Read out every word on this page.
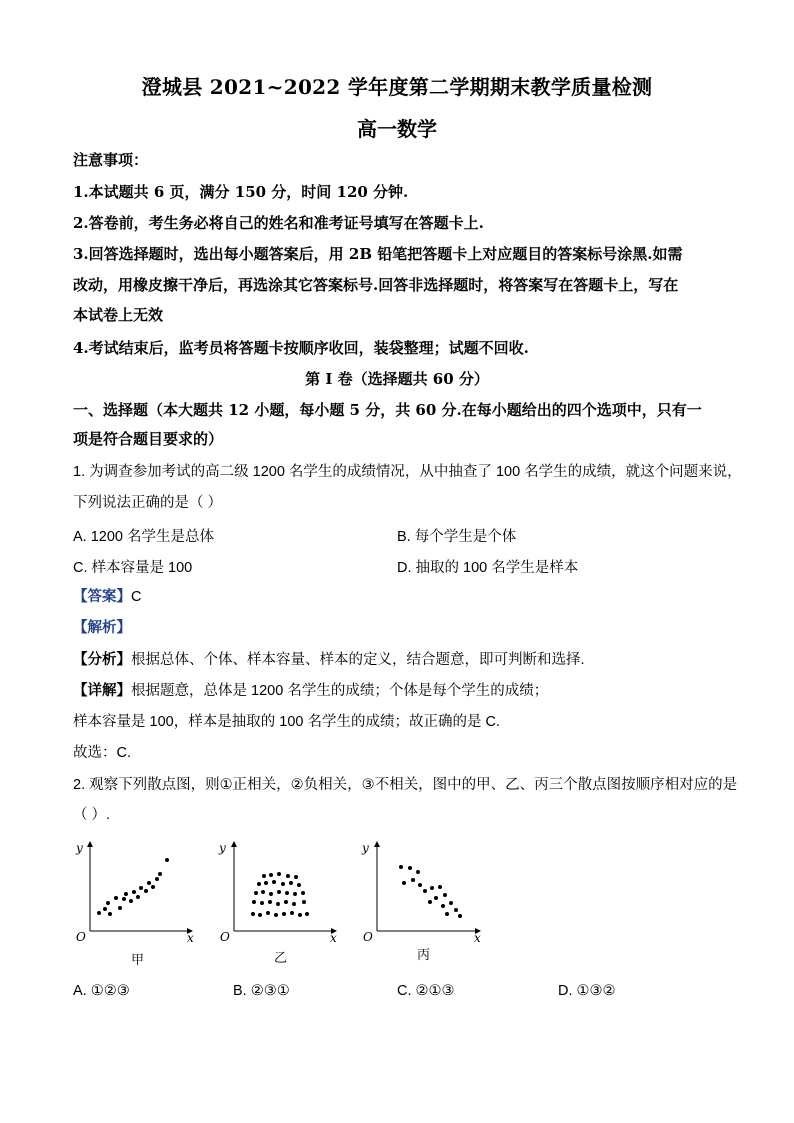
澄城县 2021~2022 学年度第二学期期末教学质量检测
高一数学
注意事项：
1.本试题共 6 页，满分 150 分，时间 120 分钟.
2.答卷前，考生务必将自己的姓名和准考证号填写在答题卡上.
3.回答选择题时，选出每小题答案后，用 2B 铅笔把答题卡上对应题目的答案标号涂黑.如需
改动，用橡皮擦干净后，再选涂其它答案标号.回答非选择题时，将答案写在答题卡上，写在
本试卷上无效
4.考试结束后，监考员将答题卡按顺序收回，装袋整理；试题不回收.
第 I 卷（选择题共 60 分）
一、选择题（本大题共 12 小题，每小题 5 分，共 60 分.在每小题给出的四个选项中，只有一
项是符合题目要求的）
1. 为调查参加考试的高二级 1200 名学生的成绩情况，从中抽查了 100 名学生的成绩，就这个问题来说，
下列说法正确的是（ ）
A. 1200 名学生是总体	B. 每个学生是个体
C. 样本容量是 100	D. 抽取的 100 名学生是样本
【答案】C
【解析】
【分析】根据总体、个体、样本容量、样本的定义，结合题意，即可判断和选择.
【详解】根据题意，总体是 1200 名学生的成绩；个体是每个学生的成绩；
样本容量是 100，样本是抽取的 100 名学生的成绩；故正确的是 C.
故选：C.
2. 观察下列散点图，则①正相关，②负相关，③不相关，图中的甲、乙、丙三个散点图按顺序相对应的是
（ ）.
y
x
O
甲
y
x
O
乙
y
x
O
丙
A. ①②③	B. ②③①	C. ②①③	D. ①③②
